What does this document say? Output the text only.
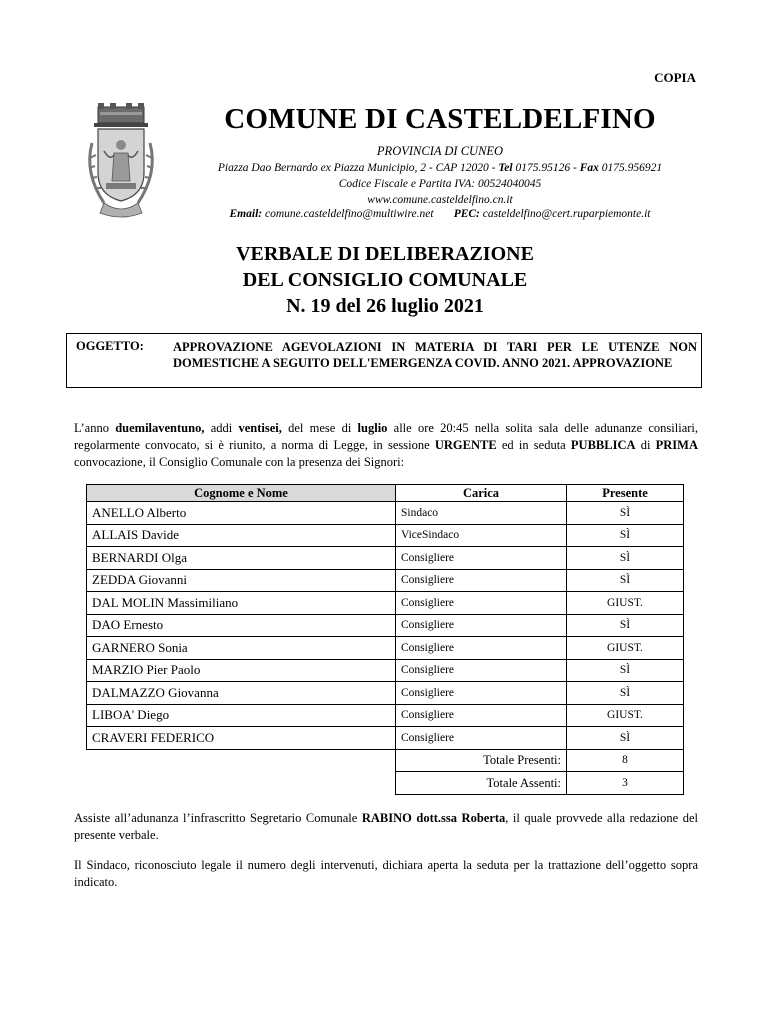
COPIA
COMUNE DI CASTELDELFINO
PROVINCIA DI CUNEO
Piazza Dao Bernardo ex Piazza Municipio, 2 - CAP 12020 - Tel 0175.95126 - Fax 0175.956921
Codice Fiscale e Partita IVA: 00524040045
www.comune.casteldelfino.cn.it
Email: comune.casteldelfino@multiwire.net PEC: casteldelfino@cert.ruparpiemonte.it
VERBALE DI DELIBERAZIONE
DEL CONSIGLIO COMUNALE
N. 19 del 26 luglio 2021
OGGETTO: APPROVAZIONE AGEVOLAZIONI IN MATERIA DI TARI PER LE UTENZE NON DOMESTICHE A SEGUITO DELL'EMERGENZA COVID. ANNO 2021. APPROVAZIONE
L’anno duemilaventuno, addi ventisei, del mese di luglio alle ore 20:45 nella solita sala delle adunanze consiliari, regolarmente convocato, si è riunito, a norma di Legge, in sessione URGENTE ed in seduta PUBBLICA di PRIMA convocazione, il Consiglio Comunale con la presenza dei Signori:
Cognome e Nome	Carica	Presente
ANELLO Alberto	Sindaco	SÌ
ALLAIS Davide	ViceSindaco	SÌ
BERNARDI Olga	Consigliere	SÌ
ZEDDA Giovanni	Consigliere	SÌ
DAL MOLIN Massimiliano	Consigliere	GIUST.
DAO Ernesto	Consigliere	SÌ
GARNERO Sonia	Consigliere	GIUST.
MARZIO Pier Paolo	Consigliere	SÌ
DALMAZZO Giovanna	Consigliere	SÌ
LIBOA' Diego	Consigliere	GIUST.
CRAVERI FEDERICO	Consigliere	SÌ
	Totale Presenti:	8
	Totale Assenti:	3
Assiste all’adunanza l’infrascritto Segretario Comunale RABINO dott.ssa Roberta, il quale provvede alla redazione del presente verbale.
Il Sindaco, riconosciuto legale il numero degli intervenuti, dichiara aperta la seduta per la trattazione dell’oggetto sopra indicato.
